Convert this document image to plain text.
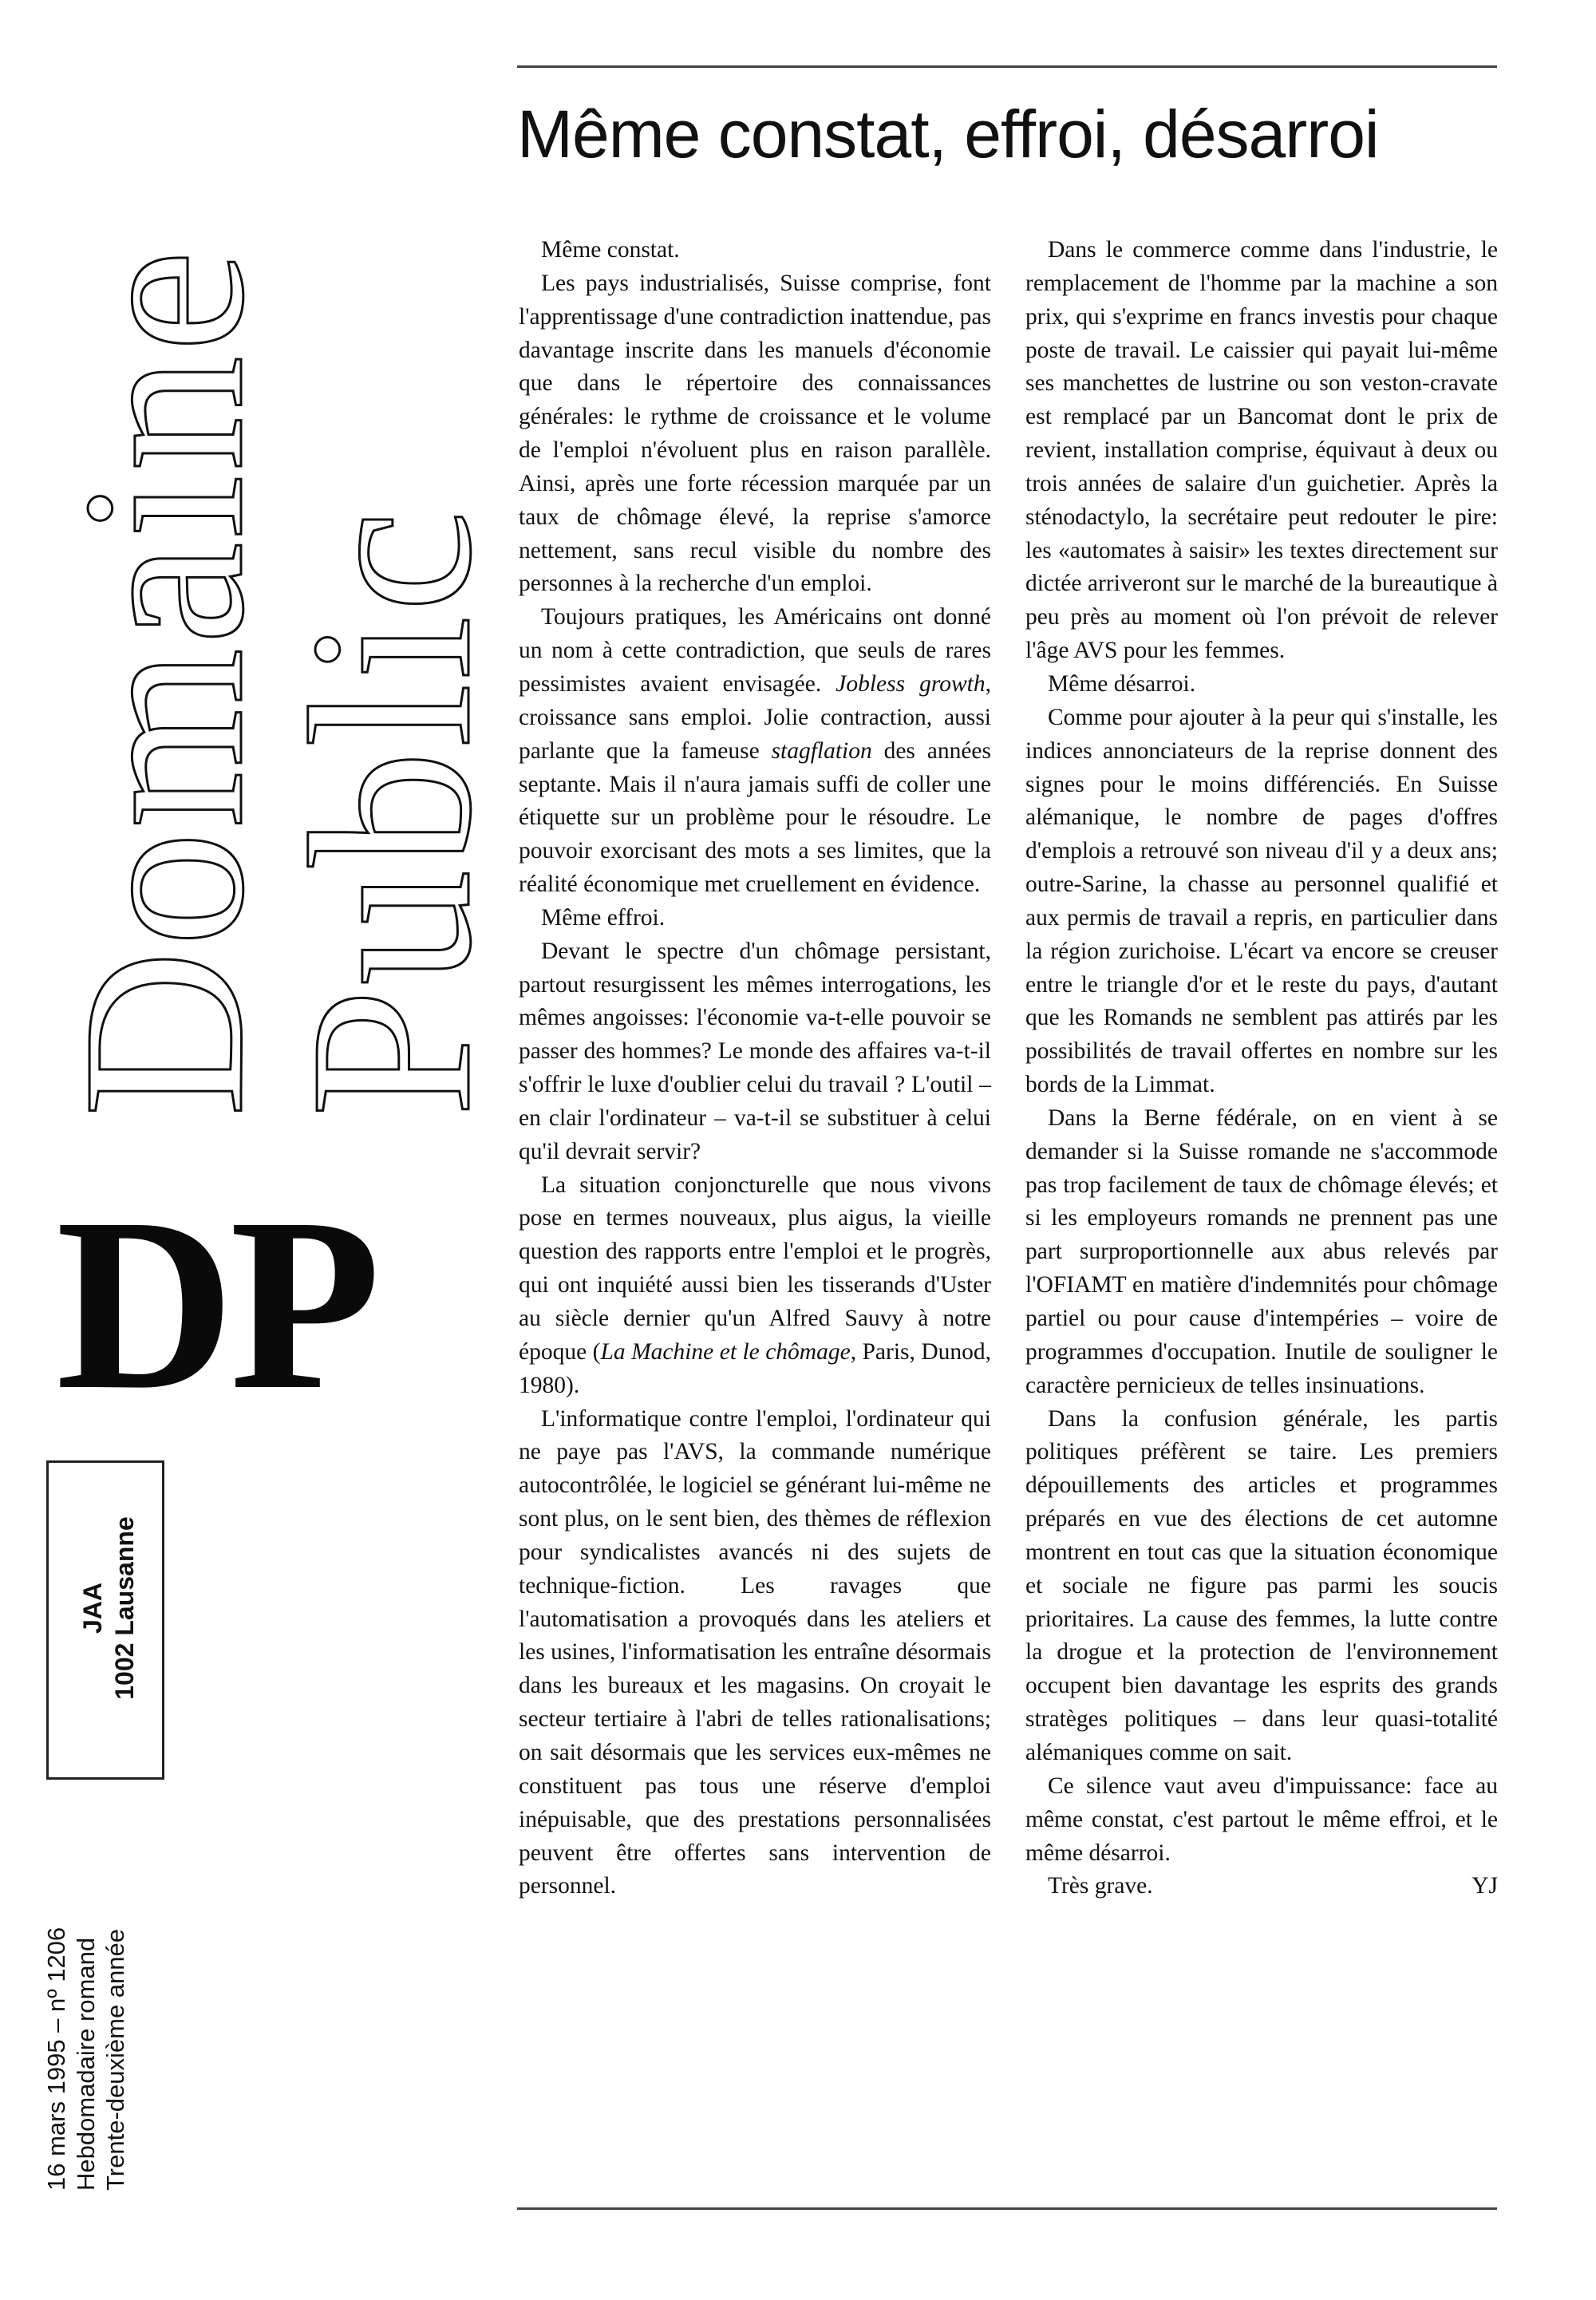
Domaine
Public
DP
JAA 1002 Lausanne
16 mars 1995 – nº 1206 Hebdomadaire romand Trente-deuxième année
Même constat, effroi, désarroi

Même constat.

Les pays industrialisés, Suisse comprise, font l'apprentissage d'une contradiction inattendue, pas davantage inscrite dans les manuels d'économie que dans le répertoire des connaissances générales: le rythme de croissance et le volume de l'emploi n'évoluent plus en raison parallèle. Ainsi, après une forte récession marquée par un taux de chômage élevé, la reprise s'amorce nettement, sans recul visible du nombre des personnes à la recherche d'un emploi.

Toujours pratiques, les Américains ont donné un nom à cette contradiction, que seuls de rares pessimistes avaient envisagée. Jobless growth, croissance sans emploi. Jolie contraction, aussi parlante que la fameuse stagflation des années septante. Mais il n'aura jamais suffi de coller une étiquette sur un problème pour le résoudre. Le pouvoir exorcisant des mots a ses limites, que la réalité économique met cruellement en évidence.

Même effroi.

Devant le spectre d'un chômage persistant, partout resurgissent les mêmes interrogations, les mêmes angoisses: l'économie va-t-elle pouvoir se passer des hommes? Le monde des affaires va-t-il s'offrir le luxe d'oublier celui du travail ? L'outil – en clair l'ordinateur – va-t-il se substituer à celui qu'il devrait servir?

La situation conjoncturelle que nous vivons pose en termes nouveaux, plus aigus, la vieille question des rapports entre l'emploi et le progrès, qui ont inquiété aussi bien les tisserands d'Uster au siècle dernier qu'un Alfred Sauvy à notre époque (La Machine et le chômage, Paris, Dunod, 1980).

L'informatique contre l'emploi, l'ordinateur qui ne paye pas l'AVS, la commande numérique autocontrôlée, le logiciel se générant lui-même ne sont plus, on le sent bien, des thèmes de réflexion pour syndicalistes avancés ni des sujets de technique-fiction. Les ravages que l'automatisation a provoqués dans les ateliers et les usines, l'informatisation les entraîne désormais dans les bureaux et les magasins. On croyait le secteur tertiaire à l'abri de telles rationalisations; on sait désormais que les services eux-mêmes ne constituent pas tous une réserve d'emploi inépuisable, que des prestations personnalisées peuvent être offertes sans intervention de personnel.

Dans le commerce comme dans l'industrie, le remplacement de l'homme par la machine a son prix, qui s'exprime en francs investis pour chaque poste de travail. Le caissier qui payait lui-même ses manchettes de lustrine ou son veston-cravate est remplacé par un Bancomat dont le prix de revient, installation comprise, équivaut à deux ou trois années de salaire d'un guichetier. Après la sténodactylo, la secrétaire peut redouter le pire: les «automates à saisir» les textes directement sur dictée arriveront sur le marché de la bureautique à peu près au moment où l'on prévoit de relever l'âge AVS pour les femmes.

Même désarroi.

Comme pour ajouter à la peur qui s'installe, les indices annonciateurs de la reprise donnent des signes pour le moins différenciés. En Suisse alémanique, le nombre de pages d'offres d'emplois a retrouvé son niveau d'il y a deux ans; outre-Sarine, la chasse au personnel qualifié et aux permis de travail a repris, en particulier dans la région zurichoise. L'écart va encore se creuser entre le triangle d'or et le reste du pays, d'autant que les Romands ne semblent pas attirés par les possibilités de travail offertes en nombre sur les bords de la Limmat.

Dans la Berne fédérale, on en vient à se demander si la Suisse romande ne s'accommode pas trop facilement de taux de chômage élevés; et si les employeurs romands ne prennent pas une part surproportionnelle aux abus relevés par l'OFIAMT en matière d'indemnités pour chômage partiel ou pour cause d'intempéries – voire de programmes d'occupation. Inutile de souligner le caractère pernicieux de telles insinuations.

Dans la confusion générale, les partis politiques préfèrent se taire. Les premiers dépouillements des articles et programmes préparés en vue des élections de cet automne montrent en tout cas que la situation économique et sociale ne figure pas parmi les soucis prioritaires. La cause des femmes, la lutte contre la drogue et la protection de l'environnement occupent bien davantage les esprits des grands stratèges politiques – dans leur quasi-totalité alémaniques comme on sait.

Ce silence vaut aveu d'impuissance: face au même constat, c'est partout le même effroi, et le même désarroi.

Très grave.	YJ
